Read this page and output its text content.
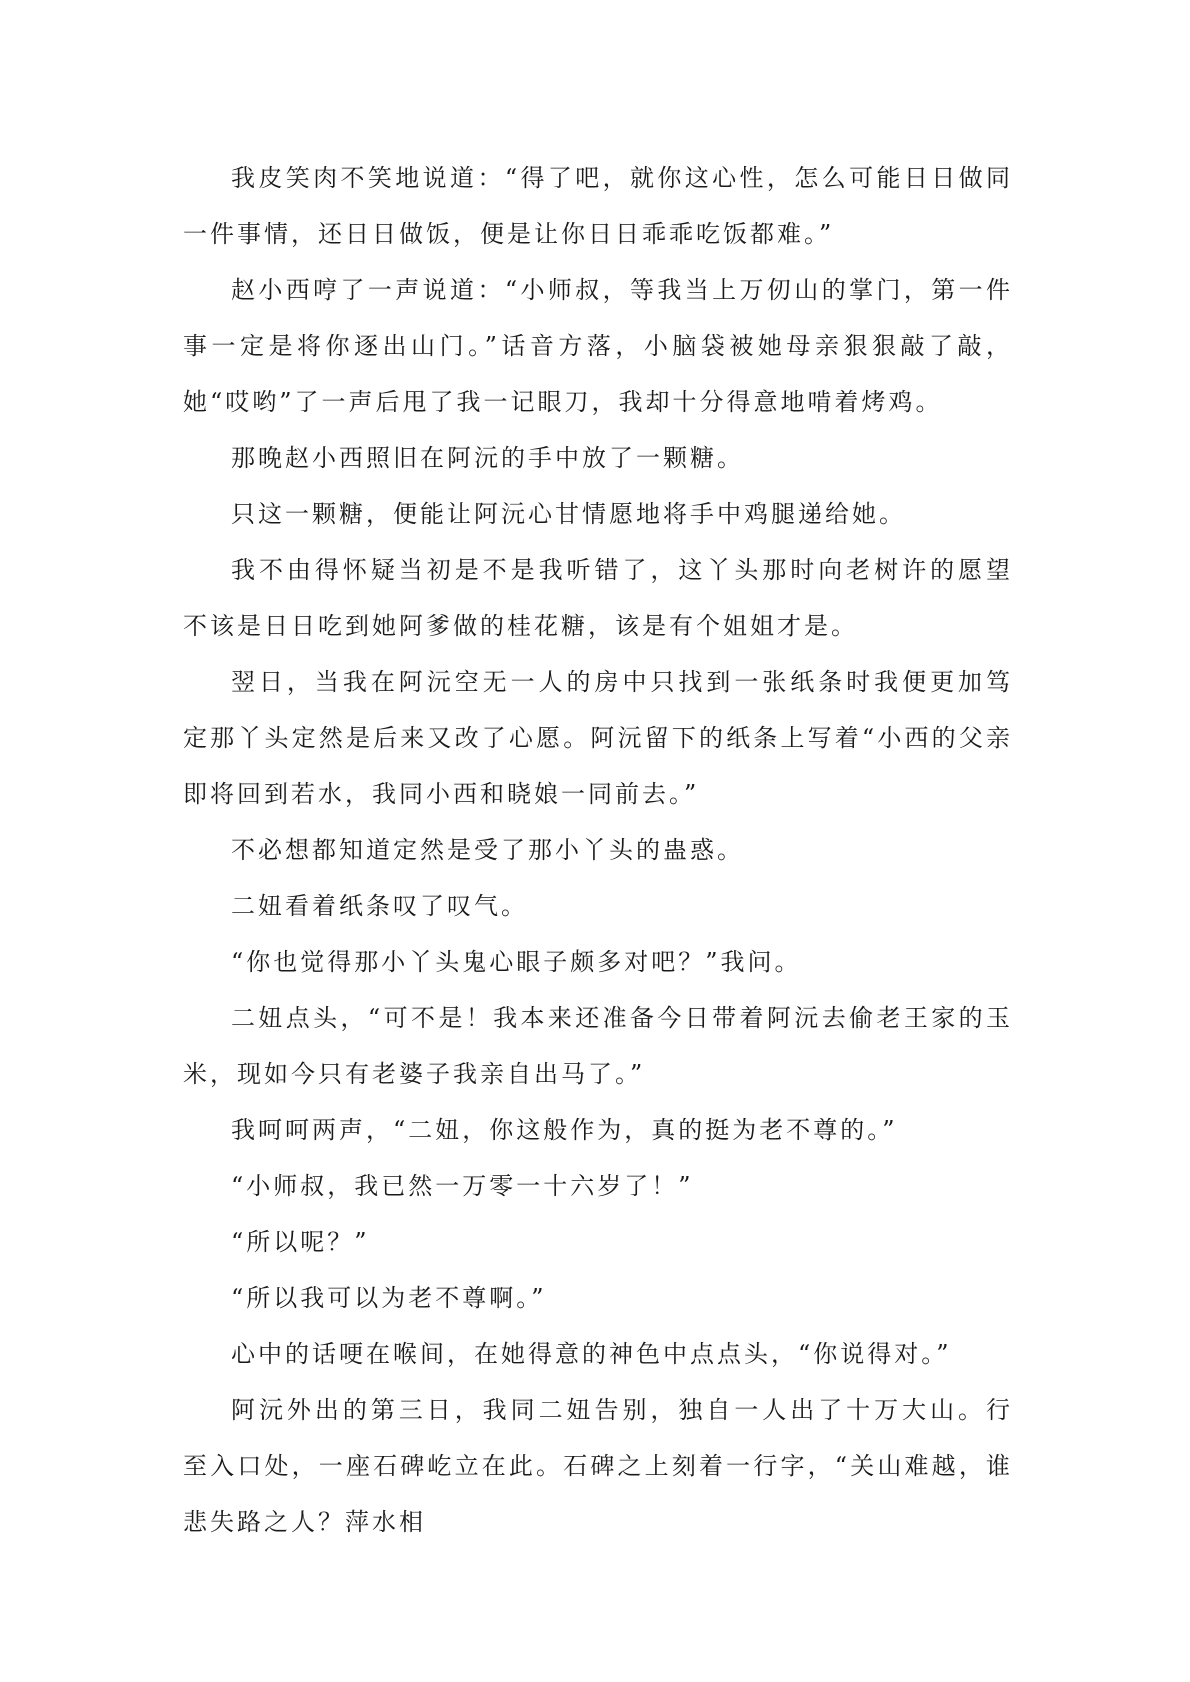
我皮笑肉不笑地说道：“得了吧，就你这心性，怎么可能日日做同一件事情，还日日做饭，便是让你日日乖乖吃饭都难。”

赵小西哼了一声说道：“小师叔，等我当上万仞山的掌门，第一件事一定是将你逐出山门。”话音方落，小脑袋被她母亲狠狠敲了敲，她“哎哟”了一声后甩了我一记眼刀，我却十分得意地啃着烤鸡。

那晚赵小西照旧在阿沅的手中放了一颗糖。

只这一颗糖，便能让阿沅心甘情愿地将手中鸡腿递给她。

我不由得怀疑当初是不是我听错了，这丫头那时向老树许的愿望不该是日日吃到她阿爹做的桂花糖，该是有个姐姐才是。

翌日，当我在阿沅空无一人的房中只找到一张纸条时我便更加笃定那丫头定然是后来又改了心愿。阿沅留下的纸条上写着“小西的父亲即将回到若水，我同小西和晓娘一同前去。”

不必想都知道定然是受了那小丫头的蛊惑。

二妞看着纸条叹了叹气。

“你也觉得那小丫头鬼心眼子颇多对吧？”我问。

二妞点头，“可不是！我本来还准备今日带着阿沅去偷老王家的玉米，现如今只有老婆子我亲自出马了。”

我呵呵两声，“二妞，你这般作为，真的挺为老不尊的。”

“小师叔，我已然一万零一十六岁了！”

“所以呢？”

“所以我可以为老不尊啊。”

心中的话哽在喉间，在她得意的神色中点点头，“你说得对。”

阿沅外出的第三日，我同二妞告别，独自一人出了十万大山。行至入口处，一座石碑屹立在此。石碑之上刻着一行字，“关山难越，谁悲失路之人？萍水相
